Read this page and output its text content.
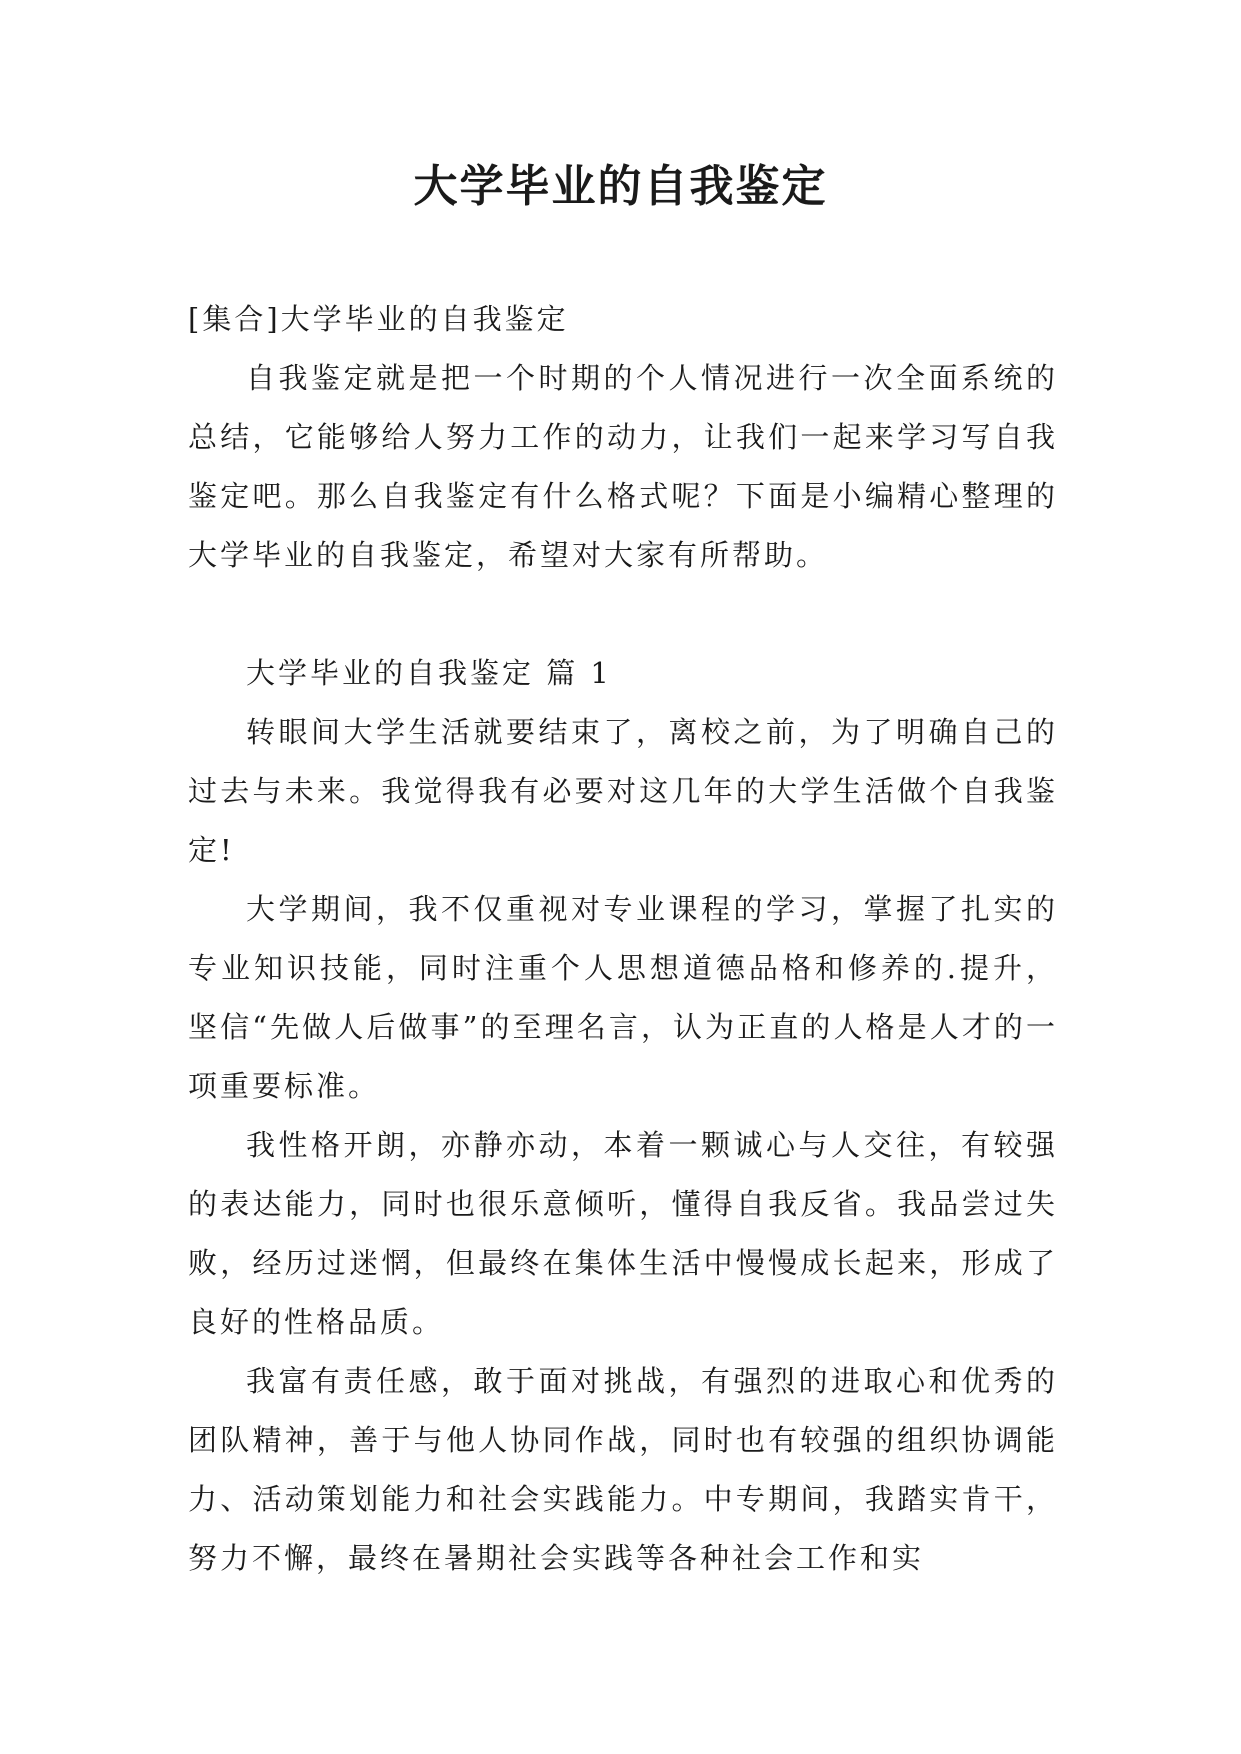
大学毕业的自我鉴定

[集合]大学毕业的自我鉴定

自我鉴定就是把一个时期的个人情况进行一次全面系统的总结，它能够给人努力工作的动力，让我们一起来学习写自我鉴定吧。那么自我鉴定有什么格式呢？下面是小编精心整理的大学毕业的自我鉴定，希望对大家有所帮助。

大学毕业的自我鉴定 篇 1

转眼间大学生活就要结束了，离校之前，为了明确自己的过去与未来。我觉得我有必要对这几年的大学生活做个自我鉴定!

大学期间，我不仅重视对专业课程的学习，掌握了扎实的专业知识技能，同时注重个人思想道德品格和修养的.提升，坚信“先做人后做事”的至理名言，认为正直的人格是人才的一项重要标准。

我性格开朗，亦静亦动，本着一颗诚心与人交往，有较强的表达能力，同时也很乐意倾听，懂得自我反省。我品尝过失败，经历过迷惘，但最终在集体生活中慢慢成长起来，形成了良好的性格品质。

我富有责任感，敢于面对挑战，有强烈的进取心和优秀的团队精神，善于与他人协同作战，同时也有较强的组织协调能力、活动策划能力和社会实践能力。中专期间，我踏实肯干，努力不懈，最终在暑期社会实践等各种社会工作和实
